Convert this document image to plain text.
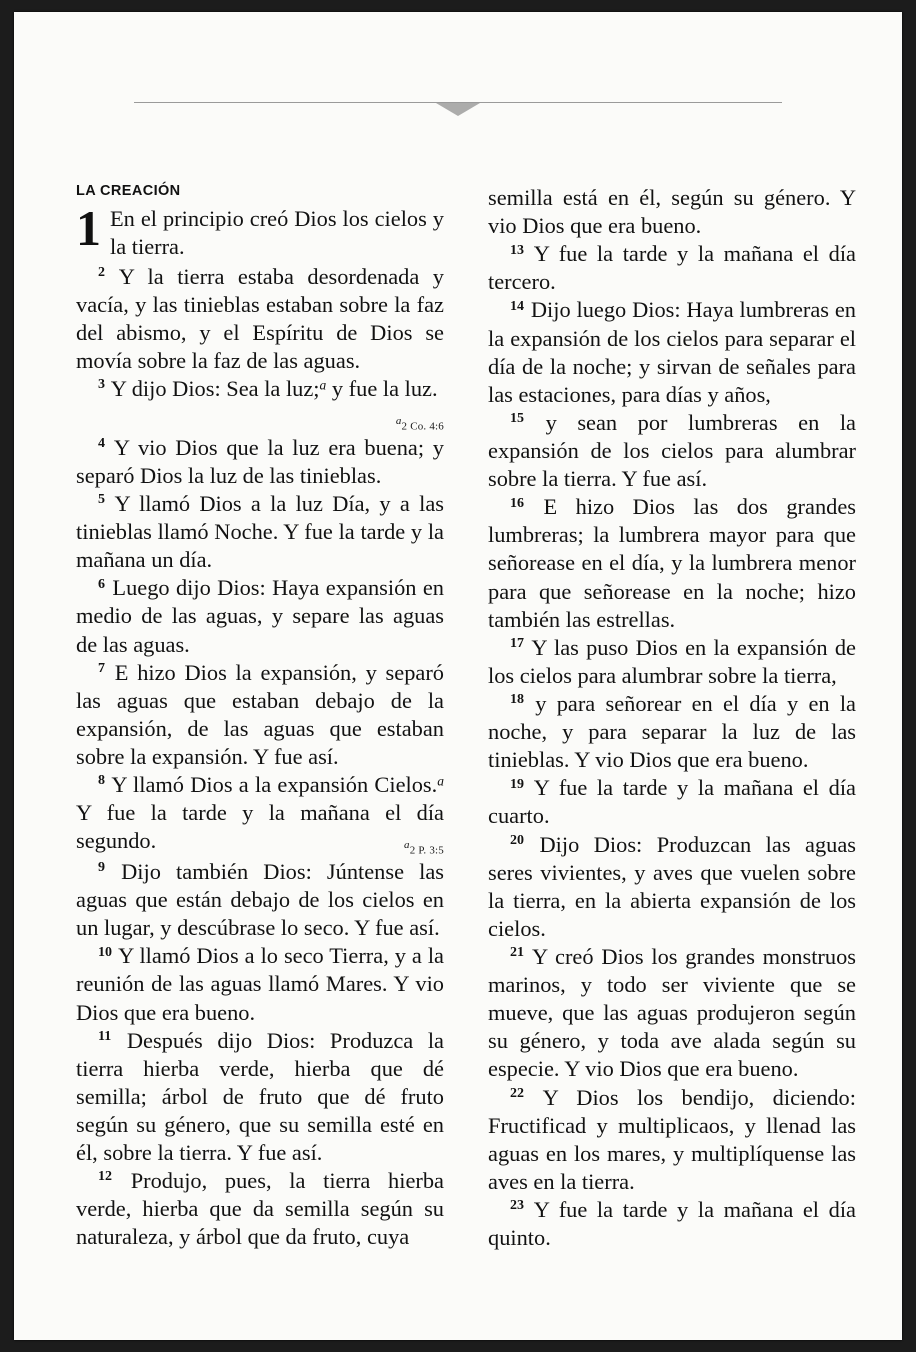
LA CREACIÓN

1 En el principio creó Dios los cielos y la tierra.

$^2$ Y la tierra estaba desordenada y vacía, y las tinieblas estaban sobre la faz del abismo, y el Espíritu de Dios se movía sobre la faz de las aguas.

$^3$ Y dijo Dios: Sea la luz;$^a$ y fue la luz.
a2 Co. 4:6

$^4$ Y vio Dios que la luz era buena; y separó Dios la luz de las tinieblas.

$^5$ Y llamó Dios a la luz Día, y a las tinieblas llamó Noche. Y fue la tarde y la mañana un día.

$^6$ Luego dijo Dios: Haya expansión en medio de las aguas, y separe las aguas de las aguas.

$^7$ E hizo Dios la expansión, y separó las aguas que estaban debajo de la expansión, de las aguas que estaban sobre la expansión. Y fue así.

$^8$ Y llamó Dios a la expansión Cielos.$^a$ Y fue la tarde y la mañana el día segundo.	a2 P. 3:5

$^9$ Dijo también Dios: Júntense las aguas que están debajo de los cielos en un lugar, y descúbrase lo seco. Y fue así.

$^{10}$ Y llamó Dios a lo seco Tierra, y a la reunión de las aguas llamó Mares. Y vio Dios que era bueno.

$^{11}$ Después dijo Dios: Produzca la tierra hierba verde, hierba que dé semilla; árbol de fruto que dé fruto según su género, que su semilla esté en él, sobre la tierra. Y fue así.

$^{12}$ Produjo, pues, la tierra hierba verde, hierba que da semilla según su naturaleza, y árbol que da fruto, cuya

semilla está en él, según su género. Y vio Dios que era bueno.

$^{13}$ Y fue la tarde y la mañana el día tercero.

$^{14}$ Dijo luego Dios: Haya lumbreras en la expansión de los cielos para separar el día de la noche; y sirvan de señales para las estaciones, para días y años,

$^{15}$ y sean por lumbreras en la expansión de los cielos para alumbrar sobre la tierra. Y fue así.

$^{16}$ E hizo Dios las dos grandes lumbreras; la lumbrera mayor para que señorease en el día, y la lumbrera menor para que señorease en la noche; hizo también las estrellas.

$^{17}$ Y las puso Dios en la expansión de los cielos para alumbrar sobre la tierra,

$^{18}$ y para señorear en el día y en la noche, y para separar la luz de las tinieblas. Y vio Dios que era bueno.

$^{19}$ Y fue la tarde y la mañana el día cuarto.

$^{20}$ Dijo Dios: Produzcan las aguas seres vivientes, y aves que vuelen sobre la tierra, en la abierta expansión de los cielos.

$^{21}$ Y creó Dios los grandes monstruos marinos, y todo ser viviente que se mueve, que las aguas produjeron según su género, y toda ave alada según su especie. Y vio Dios que era bueno.

$^{22}$ Y Dios los bendijo, diciendo: Fructificad y multiplicaos, y llenad las aguas en los mares, y multiplíquense las aves en la tierra.

$^{23}$ Y fue la tarde y la mañana el día quinto.
